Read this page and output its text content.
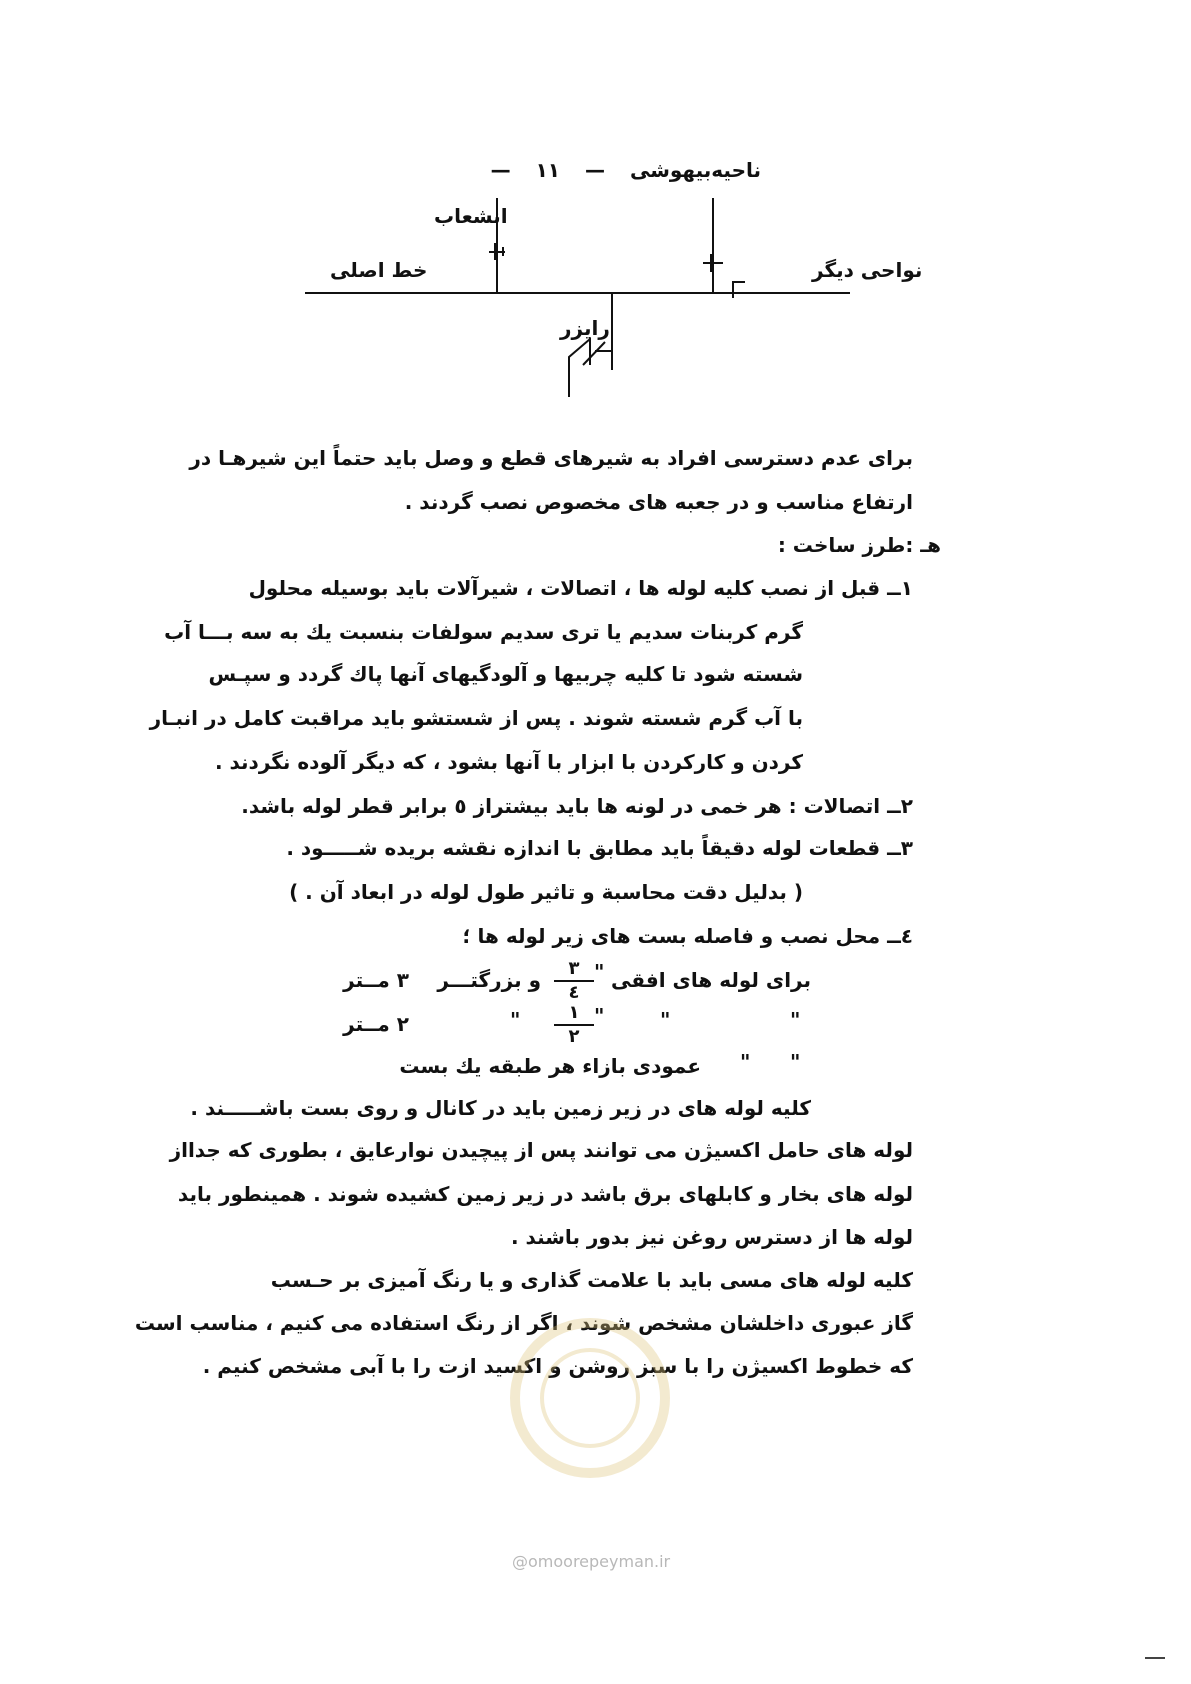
ناحیه‌بیهوشی — ۱۱ —
انشعاب
خط اصلی	نواحی دیگر
رایزر
برای عدم دسترسی افراد به شیرهای قطع و وصل باید حتماً این شیرهـا در
ارتفاع مناسب و در جعبه های مخصوص نصب گردند .
هـ :طرز ساخت :
۱ــ قبل از نصب کلیه لوله ها ، اتصالات ، شیرآلات باید بوسیله محلول
گرم کربنات سدیم یا تری سدیم سولفات بنسبت یك به سه بـــا آب
شسته شود تا کلیه چربیها و آلودگیهای آنها پاك گردد و سپـس
با آب گرم شسته شوند . پس از شستشو باید مراقبت کامل در انبـار
کردن و کارکردن با ابزار با آنها بشود ، که دیگر آلوده نگردند .
۲ــ اتصالات : هر خمی در لونه ها باید بیشتراز ٥ برابر قطر لوله باشد.
۳ــ قطعات لوله دقیقاً باید مطابق با اندازه نقشه بریده شـــــود .
( بدلیل دقت محاسبة و تاثیر طول لوله در ابعاد آن . )
٤ــ محل نصب و فاصله بست های زیر لوله ها ؛
برای لوله های افقی
"
۳
٤
و بزرگتـــر
۳ مــتر
"
"
"
۱
۲
"
۲ مــتر
"
"
عمودی بازاء هر طبقه یك بست
کلیه لوله های در زیر زمین باید در کانال و روی بست باشـــــند .
لوله های حامل اکسیژن می توانند پس از پیچیدن نوارعایق ، بطوری که جدااز
لوله های بخار و کابلهای برق باشد در زیر زمین کشیده شوند . همینطور باید
لوله ها از دسترس روغن نیز بدور باشند .
کلیه لوله های مسی باید با علامت گذاری و یا رنگ آمیزی بر حـسب
گاز عبوری داخلشان مشخص شوند ، اگر از رنگ استفاده می کنیم ، مناسب است
که خطوط اکسیژن را با سبز روشن و اکسید ازت را با آبی مشخص کنیم .
@omoorepeyman.ir
